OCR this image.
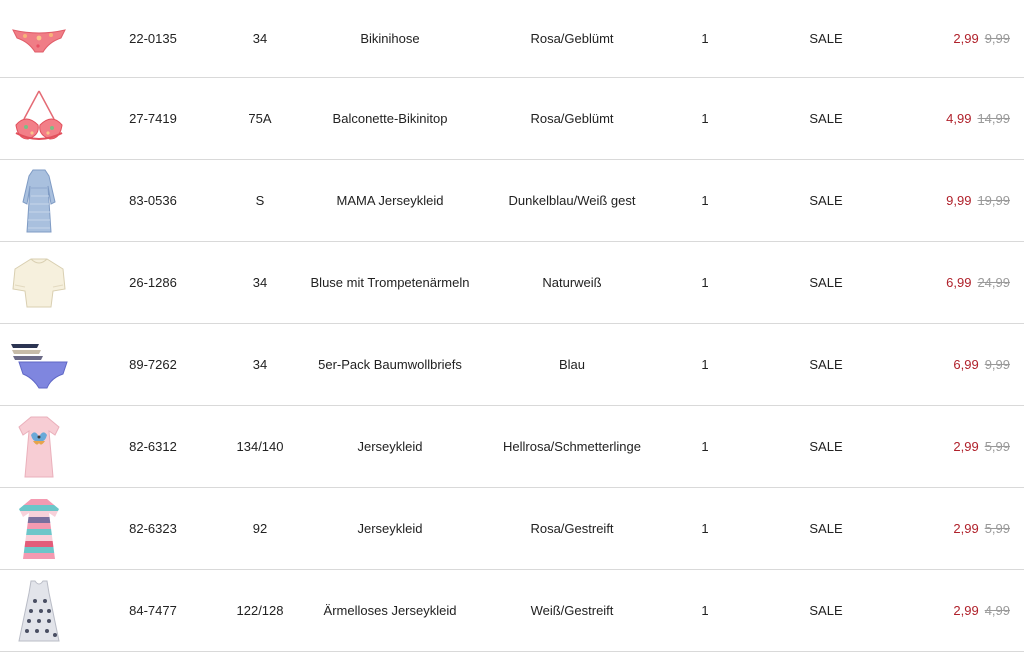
22-0135	34	Bikinihose	Rosa/Geblümt	1	SALE	2,99 9,99
27-7419	75A	Balconette-Bikinitop	Rosa/Geblümt	1	SALE	4,99 14,99
83-0536	S	MAMA Jerseykleid	Dunkelblau/Weiß gest	1	SALE	9,99 19,99
26-1286	34	Bluse mit Trompetenärmeln	Naturweiß	1	SALE	6,99 24,99
89-7262	34	5er-Pack Baumwollbriefs	Blau	1	SALE	6,99 9,99
82-6312	134/140	Jerseykleid	Hellrosa/Schmetterlinge	1	SALE	2,99 5,99
82-6323	92	Jerseykleid	Rosa/Gestreift	1	SALE	2,99 5,99
84-7477	122/128	Ärmelloses Jerseykleid	Weiß/Gestreift	1	SALE	2,99 4,99
